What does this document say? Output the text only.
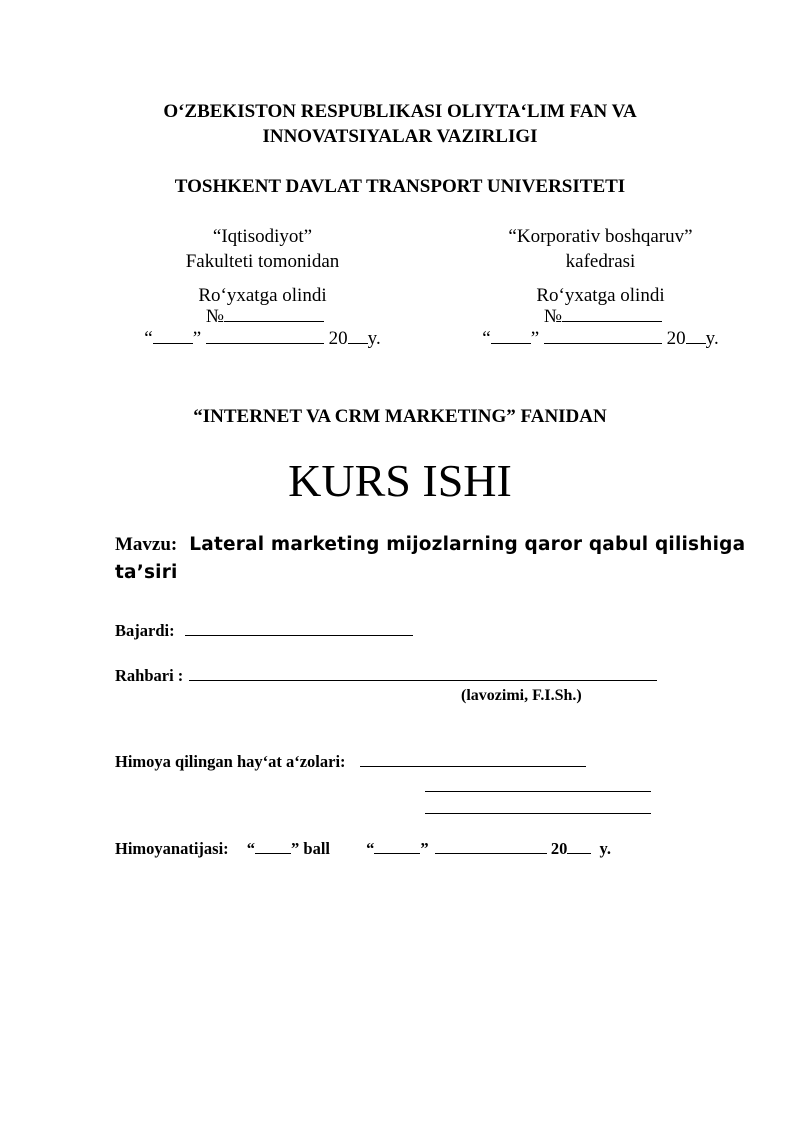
O‘ZBEKISTON RESPUBLIKASI OLIYTA‘LIM FAN VA
INNOVATSIYALAR VAZIRLIGI
TOSHKENT DAVLAT TRANSPORT UNIVERSITETI
“Iqtisodiyot”
Fakulteti tomonidan
Ro‘yxatga olindi
№
“ ”	20 y.
“Korporativ boshqaruv”
kafedrasi
Ro‘yxatga olindi
№
“ ”	20 y.
“INTERNET VA CRM MARKETING” FANIDAN
KURS ISHI
Mavzu: Lateral marketing mijozlarning qaror qabul qilishiga
ta’siri
Bajardi:
Rahbari :
(lavozimi, F.I.Sh.)
Himoya qilingan hay‘at a‘zolari:
Himoyanatijasi: “ ” ball “	”	20 y.
